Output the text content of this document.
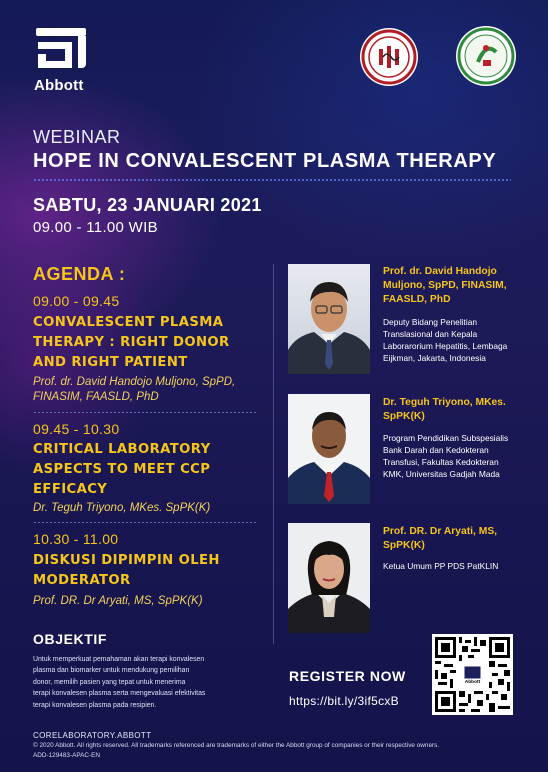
Abbott
WEBINAR
HOPE IN CONVALESCENT PLASMA THERAPY
SABTU, 23 JANUARI 2021
09.00 - 11.00 WIB
AGENDA :
09.00 - 09.45
CONVALESCENT PLASMA
THERAPY : RIGHT DONOR
AND RIGHT PATIENT
Prof. dr. David Handojo Muljono, SpPD,
FINASIM, FAASLD, PhD
09.45 - 10.30
CRITICAL LABORATORY
ASPECTS TO MEET CCP
EFFICACY
Dr. Teguh Triyono, MKes. SpPK(K)
10.30 - 11.00
DISKUSI DIPIMPIN OLEH
MODERATOR
Prof. DR. Dr Aryati, MS, SpPK(K)
Prof. dr. David Handojo
Muljono, SpPD, FINASIM,
FAASLD, PhD
Deputy Bidang Penelitian
Translasional dan Kepala
Laborarorium Hepatitis, Lembaga
Eijkman, Jakarta, Indonesia
Dr. Teguh Triyono, MKes.
SpPK(K)
Program Pendidikan Subspesialis
Bank Darah dan Kedokteran
Transfusi, Fakultas Kedokteran
KMK, Universitas Gadjah Mada
Prof. DR. Dr Aryati, MS,
SpPK(K)
Ketua Umum PP PDS PatKLIN
OBJEKTIF
Untuk memperkuat pemahaman akan terapi konvalesen
plasma dan biomarker untuk mendukung pemilihan
donor, memilih pasien yang tepat untuk menerima
terapi konvalesen plasma serta mengevaluasi efektivitas
terapi konvalesen plasma pada resipien.
REGISTER NOW
https://bit.ly/3if5cxB
Abbott
CORELABORATORY.ABBOTT
© 2020 Abbott. All rights reserved. All trademarks referenced are trademarks of either the Abbott group of companies or their respective owners.
ADD-129483-APAC-EN
